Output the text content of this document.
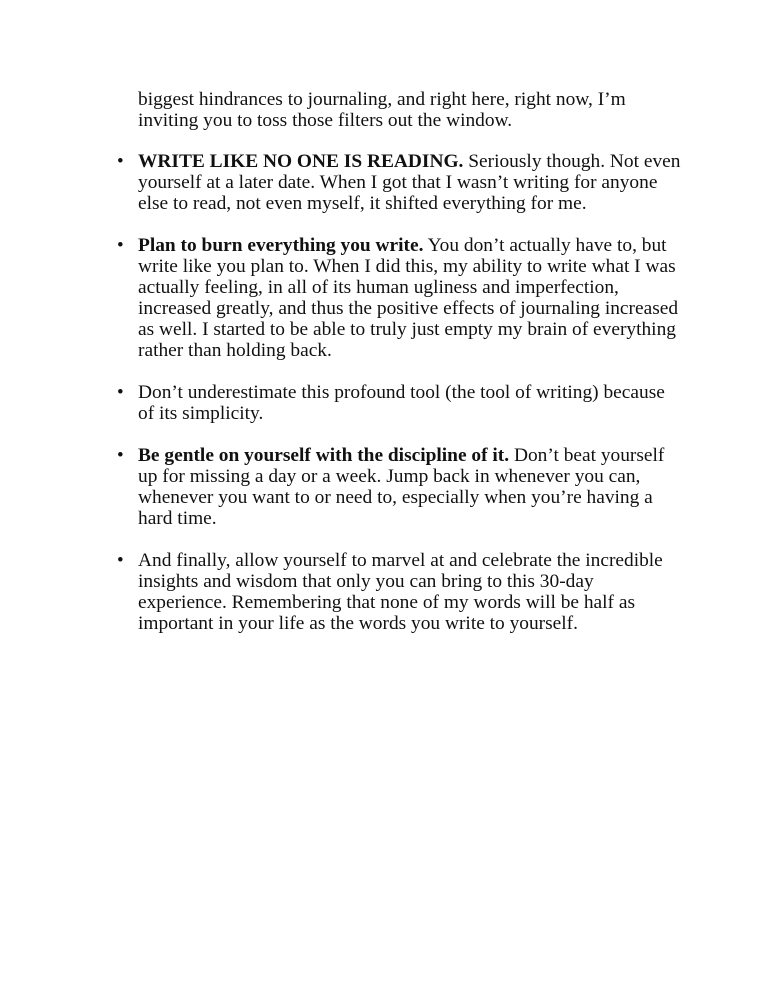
biggest hindrances to journaling, and right here, right now, I’m inviting you to toss those filters out the window.

• WRITE LIKE NO ONE IS READING. Seriously though. Not even yourself at a later date. When I got that I wasn’t writing for anyone else to read, not even myself, it shifted everything for me.
• Plan to burn everything you write. You don’t actually have to, but write like you plan to. When I did this, my ability to write what I was actually feeling, in all of its human ugliness and imperfection, increased greatly, and thus the positive effects of journaling increased as well. I started to be able to truly just empty my brain of everything rather than holding back.
• Don’t underestimate this profound tool (the tool of writing) because of its simplicity.
• Be gentle on yourself with the discipline of it. Don’t beat yourself up for missing a day or a week. Jump back in whenever you can, whenever you want to or need to, especially when you’re having a hard time.
• And finally, allow yourself to marvel at and celebrate the incredible insights and wisdom that only you can bring to this 30-day experience. Remembering that none of my words will be half as important in your life as the words you write to yourself.
